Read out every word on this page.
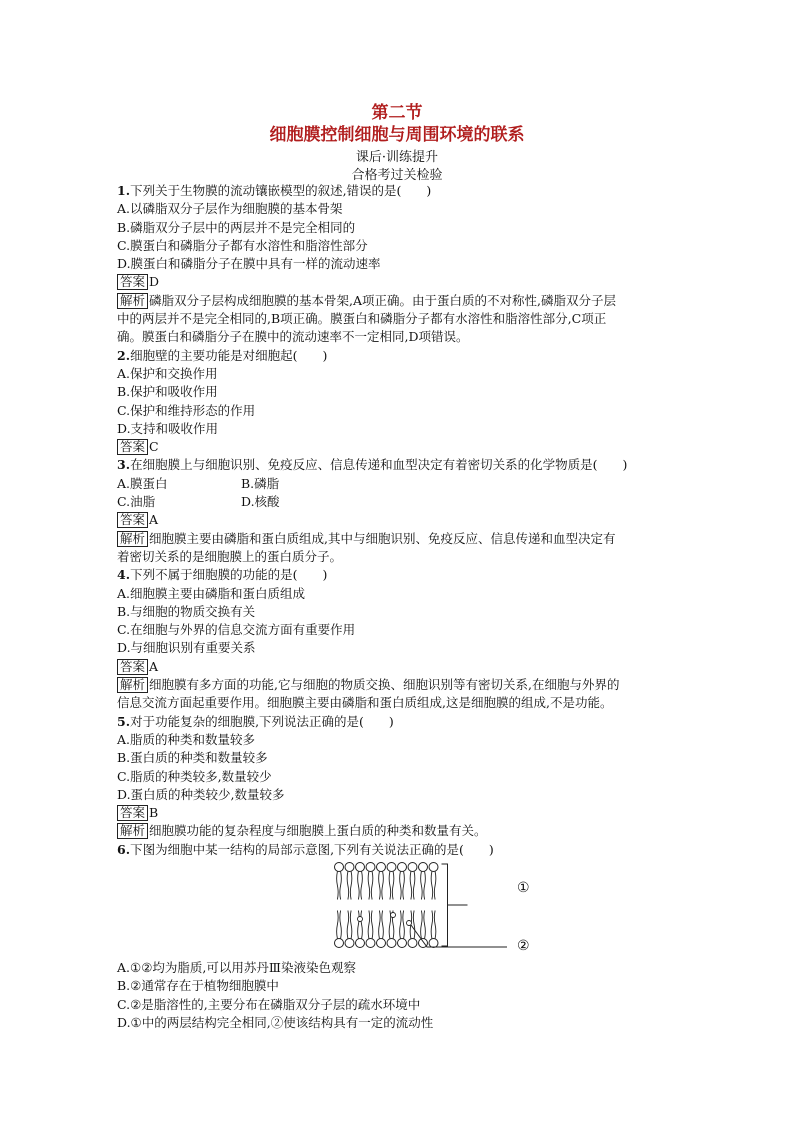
第二节
细胞膜控制细胞与周围环境的联系
课后·训练提升
合格考过关检验
1.下列关于生物膜的流动镶嵌模型的叙述,错误的是(　　)
A.以磷脂双分子层作为细胞膜的基本骨架
B.磷脂双分子层中的两层并不是完全相同的
C.膜蛋白和磷脂分子都有水溶性和脂溶性部分
D.膜蛋白和磷脂分子在膜中具有一样的流动速率
答案 D
解析 磷脂双分子层构成细胞膜的基本骨架,A项正确。由于蛋白质的不对称性,磷脂双分子层
中的两层并不是完全相同的,B项正确。膜蛋白和磷脂分子都有水溶性和脂溶性部分,C项正
确。膜蛋白和磷脂分子在膜中的流动速率不一定相同,D项错误。
2.细胞壁的主要功能是对细胞起(　　)
A.保护和交换作用
B.保护和吸收作用
C.保护和维持形态的作用
D.支持和吸收作用
答案 C
3.在细胞膜上与细胞识别、免疫反应、信息传递和血型决定有着密切关系的化学物质是(　　)
A.膜蛋白	B.磷脂
C.油脂	D.核酸
答案 A
解析 细胞膜主要由磷脂和蛋白质组成,其中与细胞识别、免疫反应、信息传递和血型决定有
着密切关系的是细胞膜上的蛋白质分子。
4.下列不属于细胞膜的功能的是(　　)
A.细胞膜主要由磷脂和蛋白质组成
B.与细胞的物质交换有关
C.在细胞与外界的信息交流方面有重要作用
D.与细胞识别有重要关系
答案 A
解析 细胞膜有多方面的功能,它与细胞的物质交换、细胞识别等有密切关系,在细胞与外界的
信息交流方面起重要作用。细胞膜主要由磷脂和蛋白质组成,这是细胞膜的组成,不是功能。
5.对于功能复杂的细胞膜,下列说法正确的是(　　)
A.脂质的种类和数量较多
B.蛋白质的种类和数量较多
C.脂质的种类较多,数量较少
D.蛋白质的种类较少,数量较多
答案 B
解析 细胞膜功能的复杂程度与细胞膜上蛋白质的种类和数量有关。
6.下图为细胞中某一结构的局部示意图,下列有关说法正确的是(　　)
①
②
A.①②均为脂质,可以用苏丹Ⅲ染液染色观察
B.②通常存在于植物细胞膜中
C.②是脂溶性的,主要分布在磷脂双分子层的疏水环境中
D.①中的两层结构完全相同,②使该结构具有一定的流动性
